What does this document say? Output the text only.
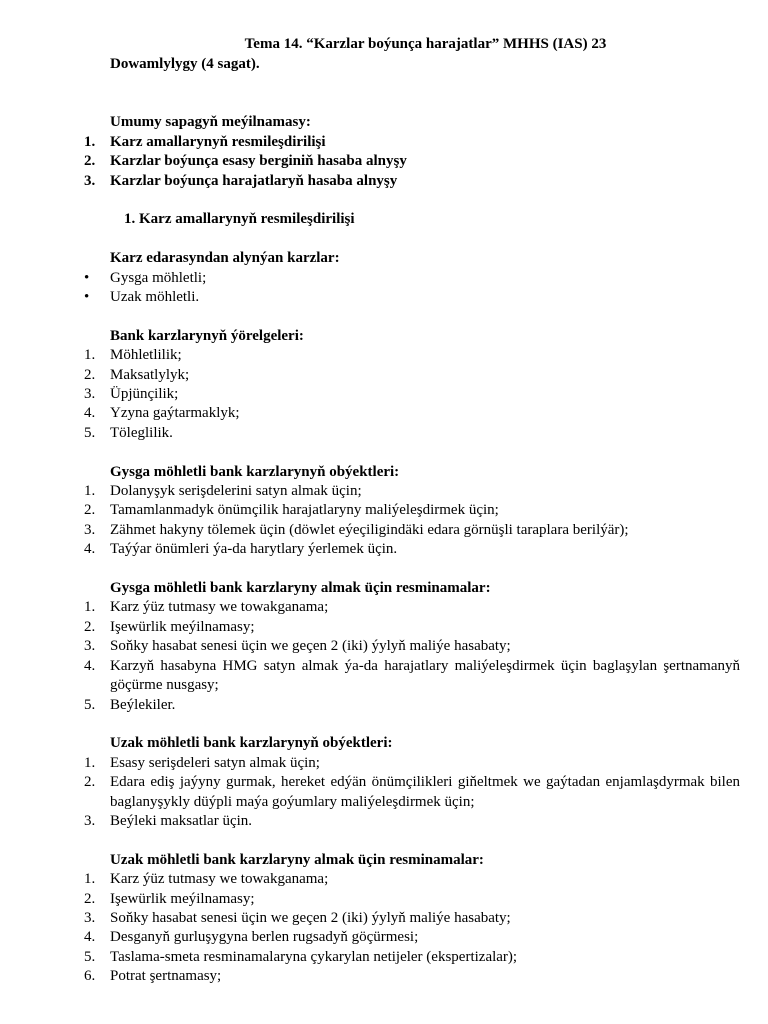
Tema 14. “Karzlar boýunça harajatlar” MHHS (IAS) 23
Dowamlylygy (4 sagat).
Umumy sapagyň meýilnamasy:
1. Karz amallarynyň resmileşdirilişi
2. Karzlar boýunça esasy berginiň hasaba alnyşy
3. Karzlar boýunça harajatlaryň hasaba alnyşy
1. Karz amallarynyň resmileşdirilişi
Karz edarasyndan alynýan karzlar:
•	Gysga möhletli;
•	Uzak möhletli.
Bank karzlarynyň ýörelgeleri:
1. Möhletlilik;
2. Maksatlylyk;
3. Üpjünçilik;
4. Yzyna gaýtarmaklyk;
5. Töleglilik.
Gysga möhletli bank karzlarynyň obýektleri:
1. Dolanyşyk serişdelerini satyn almak üçin;
2. Tamamlanmadyk önümçilik harajatlaryny maliýeleşdirmek üçin;
3. Zähmet hakyny tölemek üçin (döwlet eýeçiligindäki edara görnüşli taraplara berilýär);
4. Taýýar önümleri ýa-da harytlary ýerlemek üçin.
Gysga möhletli bank karzlaryny almak üçin resminamalar:
1. Karz ýüz tutmasy we towakganama;
2. Işewürlik meýilnamasy;
3. Soňky hasabat senesi üçin we geçen 2 (iki) ýylyň maliýe hasabaty;
4. Karzyň hasabyna HMG satyn almak ýa-da harajatlary maliýeleşdirmek üçin baglaşylan şertnamanyň göçürme nusgasy;
5. Beýlekiler.
Uzak möhletli bank karzlarynyň obýektleri:
1. Esasy serişdeleri satyn almak üçin;
2. Edara ediş jaýyny gurmak, hereket edýän önümçilikleri giňeltmek we gaýtadan enjamlaşdyrmak bilen baglanyşykly düýpli maýa goýumlary maliýeleşdirmek üçin;
3. Beýleki maksatlar üçin.
Uzak möhletli bank karzlaryny almak üçin resminamalar:
1. Karz ýüz tutmasy we towakganama;
2. Işewürlik meýilnamasy;
3. Soňky hasabat senesi üçin we geçen 2 (iki) ýylyň maliýe hasabaty;
4. Desganyň gurluşygyna berlen rugsadyň göçürmesi;
5. Taslama-smeta resminamalaryna çykarylan netijeler (ekspertizalar);
6. Potrat şertnamasy;
